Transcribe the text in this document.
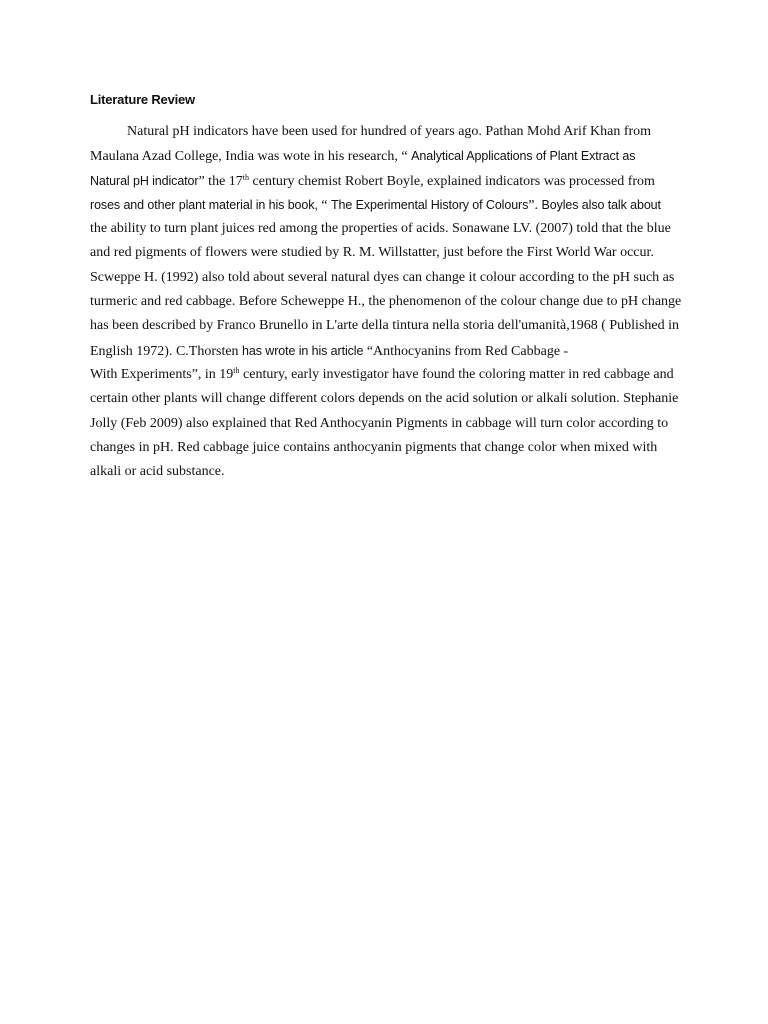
Literature Review
Natural pH indicators have been used for hundred of years ago. Pathan Mohd Arif Khan from
Maulana Azad College, India was wote in his research, “ Analytical Applications of Plant Extract as
Natural pH indicator” the 17th century chemist Robert Boyle, explained indicators was processed from
roses and other plant material in his book, “ The Experimental History of Colours”. Boyles also talk about
the ability to turn plant juices red among the properties of acids. Sonawane LV. (2007) told that the blue
and red pigments of flowers were studied by R. M. Willstatter, just before the First World War occur.
Scweppe H. (1992) also told about several natural dyes can change it colour according to the pH such as
turmeric and red cabbage. Before Scheweppe H., the phenomenon of the colour change due to pH change
has been described by Franco Brunello in L'arte della tintura nella storia dell'umanità,1968 ( Published in
English 1972). C.Thorsten has wrote in his article “Anthocyanins from Red Cabbage -
With Experiments”, in 19th century, early investigator have found the coloring matter in red cabbage and
certain other plants will change different colors depends on the acid solution or alkali solution. Stephanie
Jolly (Feb 2009) also explained that Red Anthocyanin Pigments in cabbage will turn color according to
changes in pH. Red cabbage juice contains anthocyanin pigments that change color when mixed with
alkali or acid substance.
